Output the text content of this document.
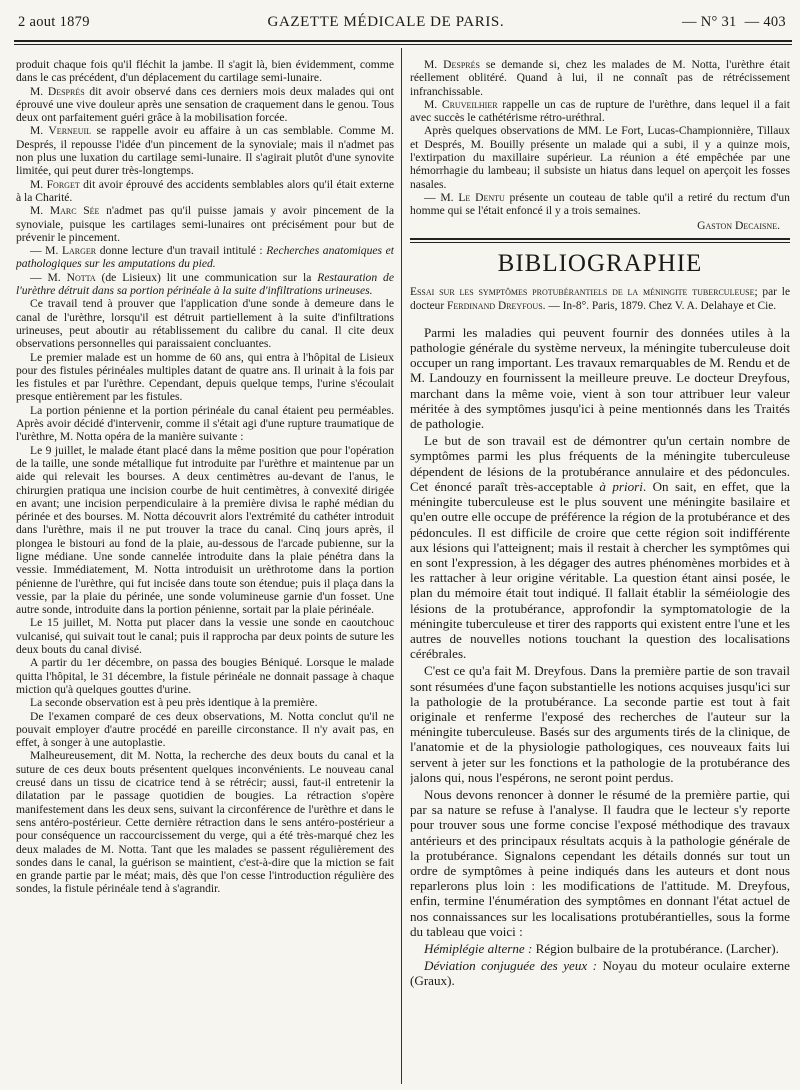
2 aout 1879	GAZETTE MÉDICALE DE PARIS.	— N° 31 — 403

produit chaque fois qu'il fléchit la jambe. Il s'agit là, bien évidemment, comme dans le cas précédent, d'un déplacement du cartilage semi-lunaire.

M. Després dit avoir observé dans ces derniers mois deux malades qui ont éprouvé une vive douleur après une sensation de craquement dans le genou. Tous deux ont parfaitement guéri grâce à la mobilisation forcée.

M. Verneuil se rappelle avoir eu affaire à un cas semblable. Comme M. Després, il repousse l'idée d'un pincement de la synoviale; mais il n'admet pas non plus une luxation du cartilage semi-lunaire. Il s'agirait plutôt d'une synovite limitée, qui peut durer très-longtemps.

M. Forget dit avoir éprouvé des accidents semblables alors qu'il était externe à la Charité.

M. Marc Sée n'admet pas qu'il puisse jamais y avoir pincement de la synoviale, puisque les cartilages semi-lunaires ont précisément pour but de prévenir le pincement.

— M. Larger donne lecture d'un travail intitulé : Recherches anatomiques et pathologiques sur les amputations du pied.

— M. Notta (de Lisieux) lit une communication sur la Restauration de l'urèthre détruit dans sa portion périnéale à la suite d'infiltrations urineuses.

Ce travail tend à prouver que l'application d'une sonde à demeure dans le canal de l'urèthre, lorsqu'il est détruit partiellement à la suite d'infiltrations urineuses, peut aboutir au rétablissement du calibre du canal. Il cite deux observations personnelles qui paraissaient concluantes.

Le premier malade est un homme de 60 ans, qui entra à l'hôpital de Lisieux pour des fistules périnéales multiples datant de quatre ans. Il urinait à la fois par les fistules et par l'urèthre. Cependant, depuis quelque temps, l'urine s'écoulait presque entièrement par les fistules.

La portion pénienne et la portion périnéale du canal étaient peu perméables. Après avoir décidé d'intervenir, comme il s'était agi d'une rupture traumatique de l'urèthre, M. Notta opéra de la manière suivante :

Le 9 juillet, le malade étant placé dans la même position que pour l'opération de la taille, une sonde métallique fut introduite par l'urèthre et maintenue par un aide qui relevait les bourses. A deux centimètres au-devant de l'anus, le chirurgien pratiqua une incision courbe de huit centimètres, à convexité dirigée en avant; une incision perpendiculaire à la première divisa le raphé médian du périnée et des bourses. M. Notta découvrit alors l'extrémité du cathéter introduit dans l'urèthre, mais il ne put trouver la trace du canal. Cinq jours après, il plongea le bistouri au fond de la plaie, au-dessous de l'arcade pubienne, sur la ligne médiane. Une sonde cannelée introduite dans la plaie pénétra dans la vessie. Immédiatement, M. Notta introduisit un urèthrotome dans la portion pénienne de l'urèthre, qui fut incisée dans toute son étendue; puis il plaça dans la vessie, par la plaie du périnée, une sonde volumineuse garnie d'un fosset. Une autre sonde, introduite dans la portion pénienne, sortait par la plaie périnéale.

Le 15 juillet, M. Notta put placer dans la vessie une sonde en caoutchouc vulcanisé, qui suivait tout le canal; puis il rapprocha par deux points de suture les deux bouts du canal divisé.

A partir du 1er décembre, on passa des bougies Béniqué. Lorsque le malade quitta l'hôpital, le 31 décembre, la fistule périnéale ne donnait passage à chaque miction qu'à quelques gouttes d'urine.

La seconde observation est à peu près identique à la première.

De l'examen comparé de ces deux observations, M. Notta conclut qu'il ne pouvait employer d'autre procédé en pareille circonstance. Il n'y avait pas, en effet, à songer à une autoplastie.

Malheureusement, dit M. Notta, la recherche des deux bouts du canal et la suture de ces deux bouts présentent quelques inconvénients. Le nouveau canal creusé dans un tissu de cicatrice tend à se rétrécir; aussi, faut-il entretenir la dilatation par le passage quotidien de bougies. La rétraction s'opère manifestement dans les deux sens, suivant la circonférence de l'urèthre et dans le sens antéro-postérieur. Cette dernière rétraction dans le sens antéro-postérieur a pour conséquence un raccourcissement du verge, qui a été très-marqué chez les deux malades de M. Notta. Tant que les malades se passent régulièrement des sondes dans le canal, la guérison se maintient, c'est-à-dire que la miction se fait en grande partie par le méat; mais, dès que l'on cesse l'introduction régulière des sondes, la fistule périnéale tend à s'agrandir.

M. Després se demande si, chez les malades de M. Notta, l'urèthre était réellement oblitéré. Quand à lui, il ne connaît pas de rétrécissement infranchissable.

M. Cruveilhier rappelle un cas de rupture de l'urèthre, dans lequel il a fait avec succès le cathétérisme rétro-uréthral.

Après quelques observations de MM. Le Fort, Lucas-Championnière, Tillaux et Després, M. Bouilly présente un malade qui a subi, il y a quinze mois, l'extirpation du maxillaire supérieur. La réunion a été empêchée par une hémorrhagie du lambeau; il subsiste un hiatus dans lequel on aperçoit les fosses nasales.

— M. Le Dentu présente un couteau de table qu'il a retiré du rectum d'un homme qui se l'était enfoncé il y a trois semaines.

Gaston Decaisne.
BIBLIOGRAPHIE

Essai sur les symptômes protubérantiels de la méningite tuberculeuse; par le docteur Ferdinand Dreyfous. — In-8°. Paris, 1879. Chez V. A. Delahaye et Cie.

Parmi les maladies qui peuvent fournir des données utiles à la pathologie générale du système nerveux, la méningite tuberculeuse doit occuper un rang important. Les travaux remarquables de M. Rendu et de M. Landouzy en fournissent la meilleure preuve. Le docteur Dreyfous, marchant dans la même voie, vient à son tour attribuer leur valeur méritée à des symptômes jusqu'ici à peine mentionnés dans les Traités de pathologie.

Le but de son travail est de démontrer qu'un certain nombre de symptômes parmi les plus fréquents de la méningite tuberculeuse dépendent de lésions de la protubérance annulaire et des pédoncules. Cet énoncé paraît très-acceptable à priori. On sait, en effet, que la méningite tuberculeuse est le plus souvent une méningite basilaire et qu'en outre elle occupe de préférence la région de la protubérance et des pédoncules. Il est difficile de croire que cette région soit indifférente aux lésions qui l'atteignent; mais il restait à chercher les symptômes qui en sont l'expression, à les dégager des autres phénomènes morbides et à les rattacher à leur origine véritable. La question étant ainsi posée, le plan du mémoire était tout indiqué. Il fallait établir la séméiologie des lésions de la protubérance, approfondir la symptomatologie de la méningite tuberculeuse et tirer des rapports qui existent entre l'une et les autres de nouvelles notions touchant la question des localisations cérébrales.

C'est ce qu'a fait M. Dreyfous. Dans la première partie de son travail sont résumées d'une façon substantielle les notions acquises jusqu'ici sur la pathologie de la protubérance. La seconde partie est tout à fait originale et renferme l'exposé des recherches de l'auteur sur la méningite tuberculeuse. Basés sur des arguments tirés de la clinique, de l'anatomie et de la physiologie pathologiques, ces nouveaux faits lui servent à jeter sur les fonctions et la pathologie de la protubérance des jalons qui, nous l'espérons, ne seront point perdus.

Nous devons renoncer à donner le résumé de la première partie, qui par sa nature se refuse à l'analyse. Il faudra que le lecteur s'y reporte pour trouver sous une forme concise l'exposé méthodique des travaux antérieurs et des principaux résultats acquis à la pathologie générale de la protubérance. Signalons cependant les détails donnés sur tout un ordre de symptômes à peine indiqués dans les auteurs et dont nous reparlerons plus loin : les modifications de l'attitude. M. Dreyfous, enfin, termine l'énumération des symptômes en donnant l'état actuel de nos connaissances sur les localisations protubérantielles, sous la forme du tableau que voici :

Hémiplégie alterne : Région bulbaire de la protubérance. (Larcher).

Déviation conjuguée des yeux : Noyau du moteur oculaire externe (Graux).
